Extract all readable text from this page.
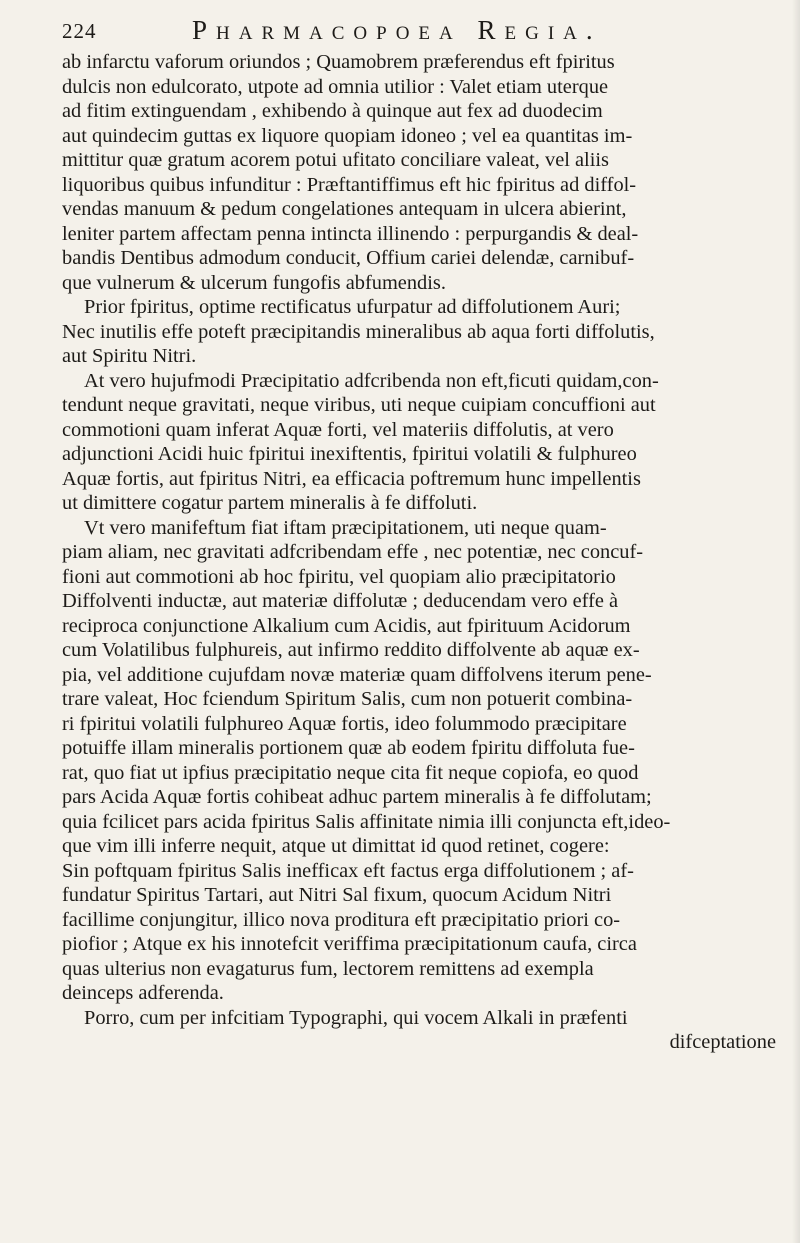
224	Pharmacopoea Regia.
ab infarctu vaforum oriundos ; Quamobrem præferendus eft fpiritus
dulcis non edulcorato, utpote ad omnia utilior : Valet etiam uterque
ad fitim extinguendam , exhibendo à quinque aut fex ad duodecim
aut quindecim guttas ex liquore quopiam idoneo ; vel ea quantitas im-
mittitur quæ gratum acorem potui ufitato conciliare valeat, vel aliis
liquoribus quibus infunditur : Præftantiffimus eft hic fpiritus ad diffol-
vendas manuum & pedum congelationes antequam in ulcera abierint,
leniter partem affectam penna intincta illinendo : perpurgandis & deal-
bandis Dentibus admodum conducit, Offium cariei delendæ, carnibuf-
que vulnerum & ulcerum fungofis abfumendis.
Prior fpiritus, optime rectificatus ufurpatur ad diffolutionem Auri;
Nec inutilis effe poteft præcipitandis mineralibus ab aqua forti diffolutis,
aut Spiritu Nitri.
At vero hujufmodi Præcipitatio adfcribenda non eft,ficuti quidam,con-
tendunt neque gravitati, neque viribus, uti neque cuipiam concuffioni aut
commotioni quam inferat Aquæ forti, vel materiis diffolutis, at vero
adjunctioni Acidi huic fpiritui inexiftentis, fpiritui volatili & fulphureo
Aquæ fortis, aut fpiritus Nitri, ea efficacia poftremum hunc impellentis
ut dimittere cogatur partem mineralis à fe diffoluti.
Vt vero manifeftum fiat iftam præcipitationem, uti neque quam-
piam aliam, nec gravitati adfcribendam effe , nec potentiæ, nec concuf-
fioni aut commotioni ab hoc fpiritu, vel quopiam alio præcipitatorio
Diffolventi inductæ, aut materiæ diffolutæ ; deducendam vero effe à
reciproca conjunctione Alkalium cum Acidis, aut fpirituum Acidorum
cum Volatilibus fulphureis, aut infirmo reddito diffolvente ab aquæ ex-
pia, vel additione cujufdam novæ materiæ quam diffolvens iterum pene-
trare valeat, Hoc fciendum Spiritum Salis, cum non potuerit combina-
ri fpiritui volatili fulphureo Aquæ fortis, ideo folummodo præcipitare
potuiffe illam mineralis portionem quæ ab eodem fpiritu diffoluta fue-
rat, quo fiat ut ipfius præcipitatio neque cita fit neque copiofa, eo quod
pars Acida Aquæ fortis cohibeat adhuc partem mineralis à fe diffolutam;
quia fcilicet pars acida fpiritus Salis affinitate nimia illi conjuncta eft,ideo-
que vim illi inferre nequit, atque ut dimittat id quod retinet, cogere:
Sin poftquam fpiritus Salis inefficax eft factus erga diffolutionem ; af-
fundatur Spiritus Tartari, aut Nitri Sal fixum, quocum Acidum Nitri
facillime conjungitur, illico nova proditura eft præcipitatio priori co-
piofior ; Atque ex his innotefcit veriffima præcipitationum caufa, circa
quas ulterius non evagaturus fum, lectorem remittens ad exempla
deinceps adferenda.
Porro, cum per infcitiam Typographi, qui vocem Alkali in præfenti
difceptatione
